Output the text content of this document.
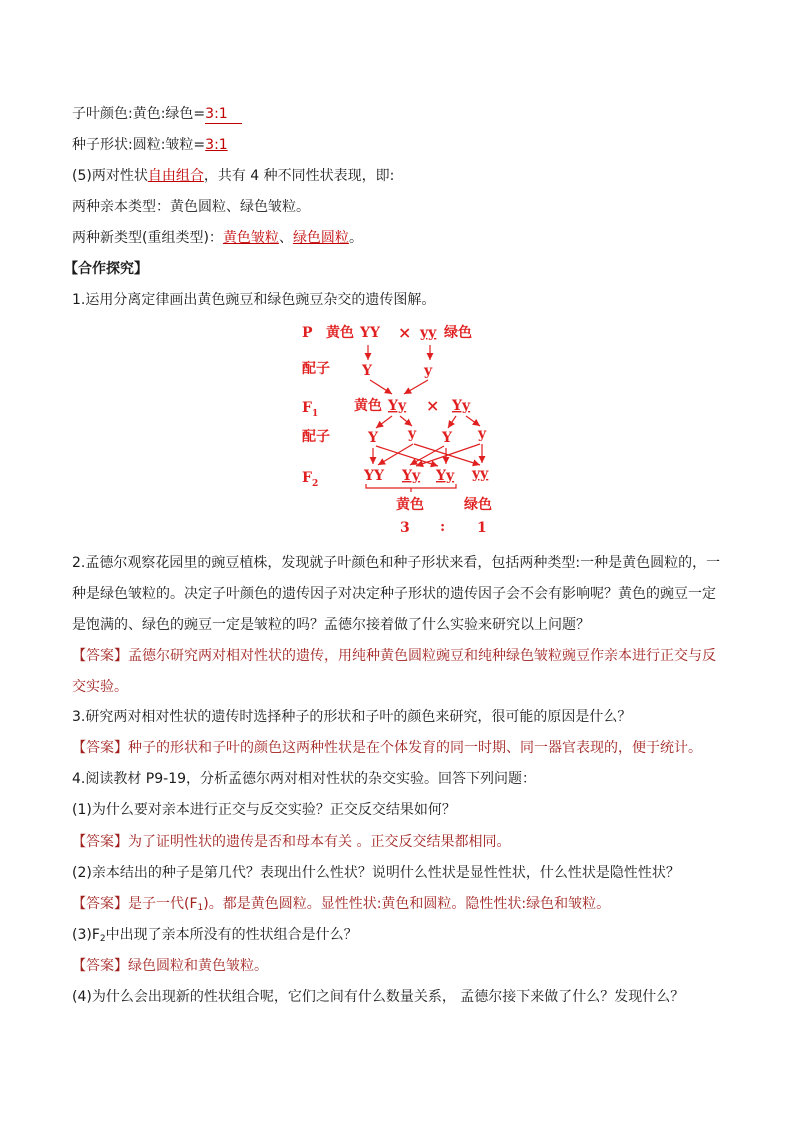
子叶颜色:黄色:绿色=3:1
种子形状:圆粒:皱粒=3:1
(5)两对性状自由组合，共有 4 种不同性状表现，即:
两种亲本类型：黄色圆粒、绿色皱粒。
两种新类型(重组类型)：黄色皱粒、绿色圆粒。
【合作探究】
1.运用分离定律画出黄色豌豆和绿色豌豆杂交的遗传图解。
P 黄色 YY × yy 绿色
配子 Y	y
$F_1$	黄色 Yy × Yy
配子	Y y Y y
$F_2$	YY Yy Yy yy
黄色	绿色
3 : 1
2.孟德尔观察花园里的豌豆植株，发现就子叶颜色和种子形状来看，包括两种类型:一种是黄色圆粒的，一种是绿色皱粒的。决定子叶颜色的遗传因子对决定种子形状的遗传因子会不会有影响呢？黄色的豌豆一定是饱满的、绿色的豌豆一定是皱粒的吗？孟德尔接着做了什么实验来研究以上问题？
【答案】孟德尔研究两对相对性状的遗传，用纯种黄色圆粒豌豆和纯种绿色皱粒豌豆作亲本进行正交与反交实验。
3.研究两对相对性状的遗传时选择种子的形状和子叶的颜色来研究，很可能的原因是什么？
【答案】种子的形状和子叶的颜色这两种性状是在个体发育的同一时期、同一器官表现的，便于统计。
4.阅读教材 P9-19，分析孟德尔两对相对性状的杂交实验。回答下列问题：
(1)为什么要对亲本进行正交与反交实验？正交反交结果如何？
【答案】为了证明性状的遗传是否和母本有关 。正交反交结果都相同。
(2)亲本结出的种子是第几代？表现出什么性状？说明什么性状是显性性状，什么性状是隐性性状？
【答案】是子一代$(F_1)$。都是黄色圆粒。显性性状:黄色和圆粒。隐性性状:绿色和皱粒。
$(3)F_2$中出现了亲本所没有的性状组合是什么？
【答案】绿色圆粒和黄色皱粒。
(4)为什么会出现新的性状组合呢，它们之间有什么数量关系， 孟德尔接下来做了什么？发现什么？
